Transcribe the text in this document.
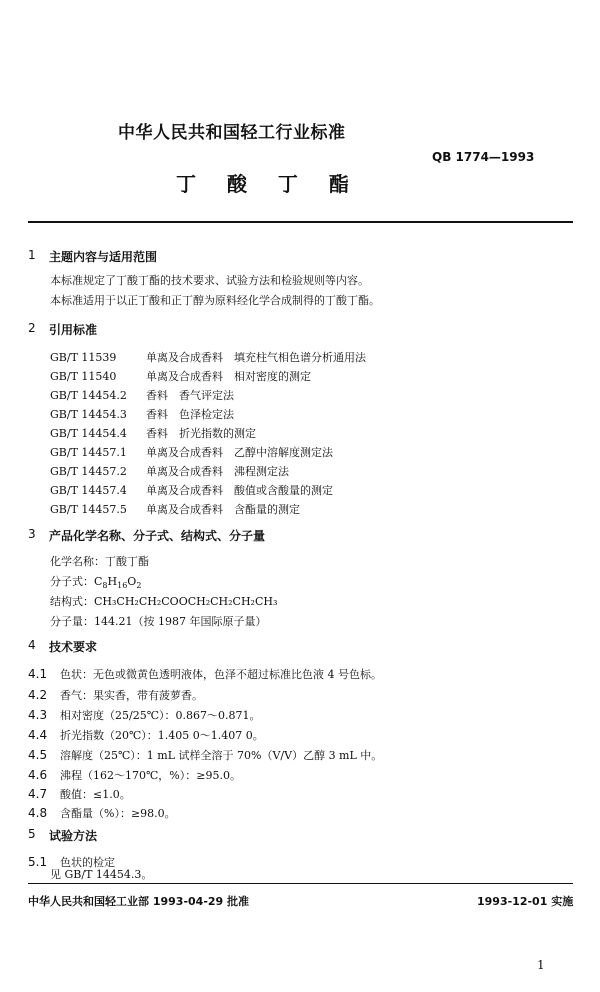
中华人民共和国轻工行业标准
QB 1774—1993
丁 酸 丁 酯
1 主题内容与适用范围
本标准规定了丁酸丁酯的技术要求、试验方法和检验规则等内容。
本标准适用于以正丁酸和正丁醇为原料经化学合成制得的丁酸丁酯。
2 引用标准
GB/T 11539	单离及合成香料　填充柱气相色谱分析通用法
GB/T 11540	单离及合成香料　相对密度的测定
GB/T 14454.2 香料　香气评定法
GB/T 14454.3 香料　色泽检定法
GB/T 14454.4 香料　折光指数的测定
GB/T 14457.1 单离及合成香料　乙醇中溶解度测定法
GB/T 14457.2 单离及合成香料　沸程测定法
GB/T 14457.4 单离及合成香料　酸值或含酸量的测定
GB/T 14457.5 单离及合成香料　含酯量的测定
3 产品化学名称、分子式、结构式、分子量
化学名称：丁酸丁酯
分子式：$C_8H_{16}O_2$
结构式：CH₃CH₂CH₂COOCH₂CH₂CH₂CH₃
分子量：144.21（按 1987 年国际原子量）
4 技术要求
4.1 色状：无色或微黄色透明液体，色泽不超过标准比色液 4 号色标。
4.2 香气：果实香，带有菠萝香。
4.3 相对密度（25/25℃）：0.867～0.871。
4.4 折光指数（20℃）：1.405 0～1.407 0。
4.5 溶解度（25℃）：1 mL 试样全溶于 70%（V/V）乙醇 3 mL 中。
4.6 沸程（162～170℃，%）：≥95.0。
4.7 酸值：≤1.0。
4.8 含酯量（%）：≥98.0。
5 试验方法
5.1 色状的检定
见 GB/T 14454.3。
中华人民共和国轻工业部 1993-04-29 批准	1993-12-01 实施
1
